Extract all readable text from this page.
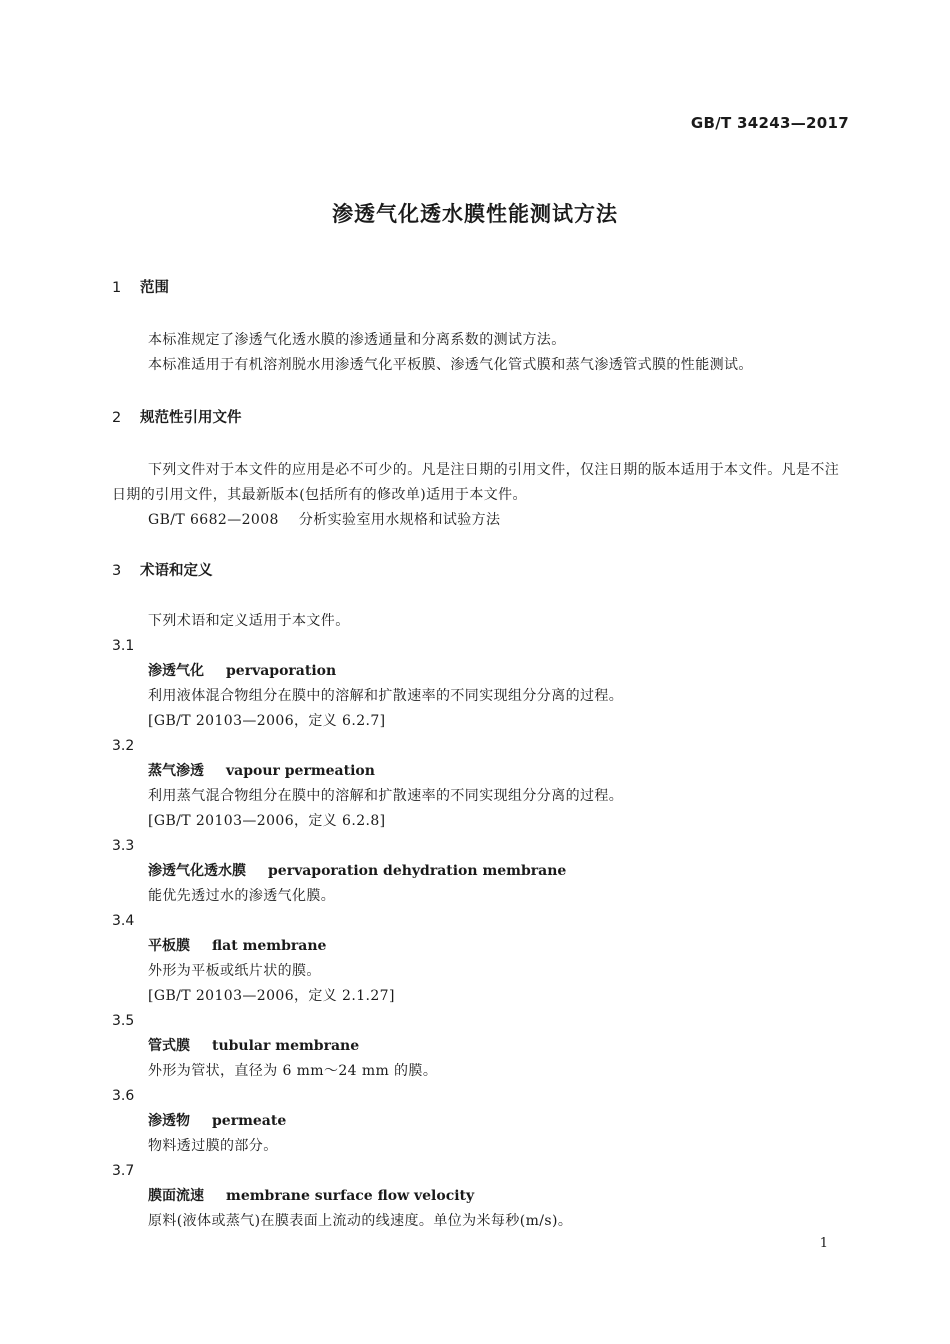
GB/T 34243—2017
渗透气化透水膜性能测试方法
1 范围
本标准规定了渗透气化透水膜的渗透通量和分离系数的测试方法。
本标准适用于有机溶剂脱水用渗透气化平板膜、渗透气化管式膜和蒸气渗透管式膜的性能测试。
2 规范性引用文件
下列文件对于本文件的应用是必不可少的。凡是注日期的引用文件，仅注日期的版本适用于本文件。凡是不注日期的引用文件，其最新版本(包括所有的修改单)适用于本文件。
GB/T 6682—2008 分析实验室用水规格和试验方法
3 术语和定义
下列术语和定义适用于本文件。
3.1
渗透气化 pervaporation
利用液体混合物组分在膜中的溶解和扩散速率的不同实现组分分离的过程。
[GB/T 20103—2006，定义 6.2.7]
3.2
蒸气渗透 vapour permeation
利用蒸气混合物组分在膜中的溶解和扩散速率的不同实现组分分离的过程。
[GB/T 20103—2006，定义 6.2.8]
3.3
渗透气化透水膜 pervaporation dehydration membrane
能优先透过水的渗透气化膜。
3.4
平板膜 flat membrane
外形为平板或纸片状的膜。
[GB/T 20103—2006，定义 2.1.27]
3.5
管式膜 tubular membrane
外形为管状，直径为 6 mm～24 mm 的膜。
3.6
渗透物 permeate
物料透过膜的部分。
3.7
膜面流速 membrane surface flow velocity
原料(液体或蒸气)在膜表面上流动的线速度。单位为米每秒(m/s)。
1
